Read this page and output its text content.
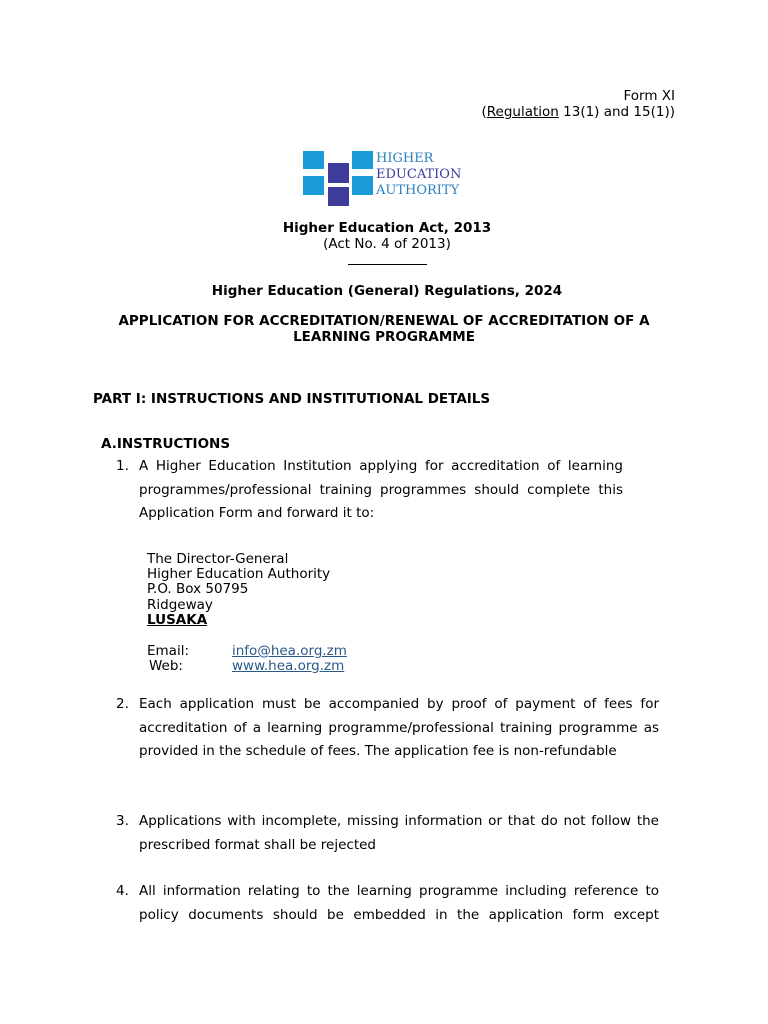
Form XI
(Regulation 13(1) and 15(1))
HIGHER
EDUCATION
AUTHORITY
Higher Education Act, 2013
(Act No. 4 of 2013)
Higher Education (General) Regulations, 2024
APPLICATION FOR ACCREDITATION/RENEWAL OF ACCREDITATION OF A LEARNING PROGRAMME
PART I: INSTRUCTIONS AND INSTITUTIONAL DETAILS
A.INSTRUCTIONS
1. A Higher Education Institution applying for accreditation of learning programmes/professional training programmes should complete this Application Form and forward it to:
The Director-General
Higher Education Authority
P.O. Box 50795
Ridgeway
LUSAKA
Email:	info@hea.org.zm
Web:	www.hea.org.zm
2. Each application must be accompanied by proof of payment of fees for accreditation of a learning programme/professional training programme as provided in the schedule of fees. The application fee is non-refundable
3. Applications with incomplete, missing information or that do not follow the prescribed format shall be rejected
4. All information relating to the learning programme including reference to policy documents should be embedded in the application form except
